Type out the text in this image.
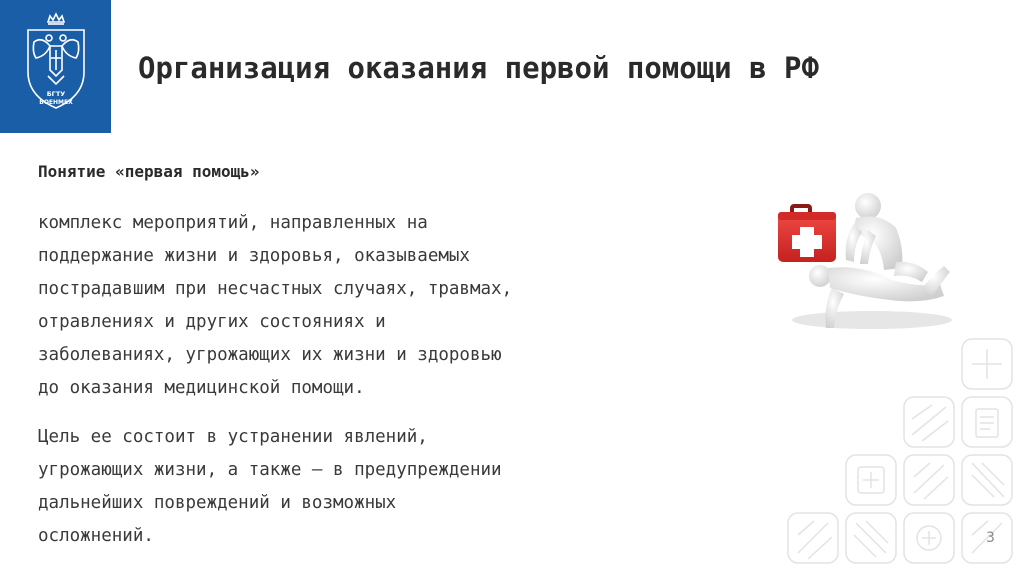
БГТУ
ВОЕНМЕХ
Организация оказания первой помощи в РФ
Понятие «первая помощь»
комплекс мероприятий, направленных на
поддержание жизни и здоровья, оказываемых
пострадавшим при несчастных случаях, травмах,
отравлениях и других состояниях и
заболеваниях, угрожающих их жизни и здоровью
до оказания медицинской помощи.
Цель ее состоит в устранении явлений,
угрожающих жизни, а также – в предупреждении
дальнейших повреждений и возможных
осложнений.	3
